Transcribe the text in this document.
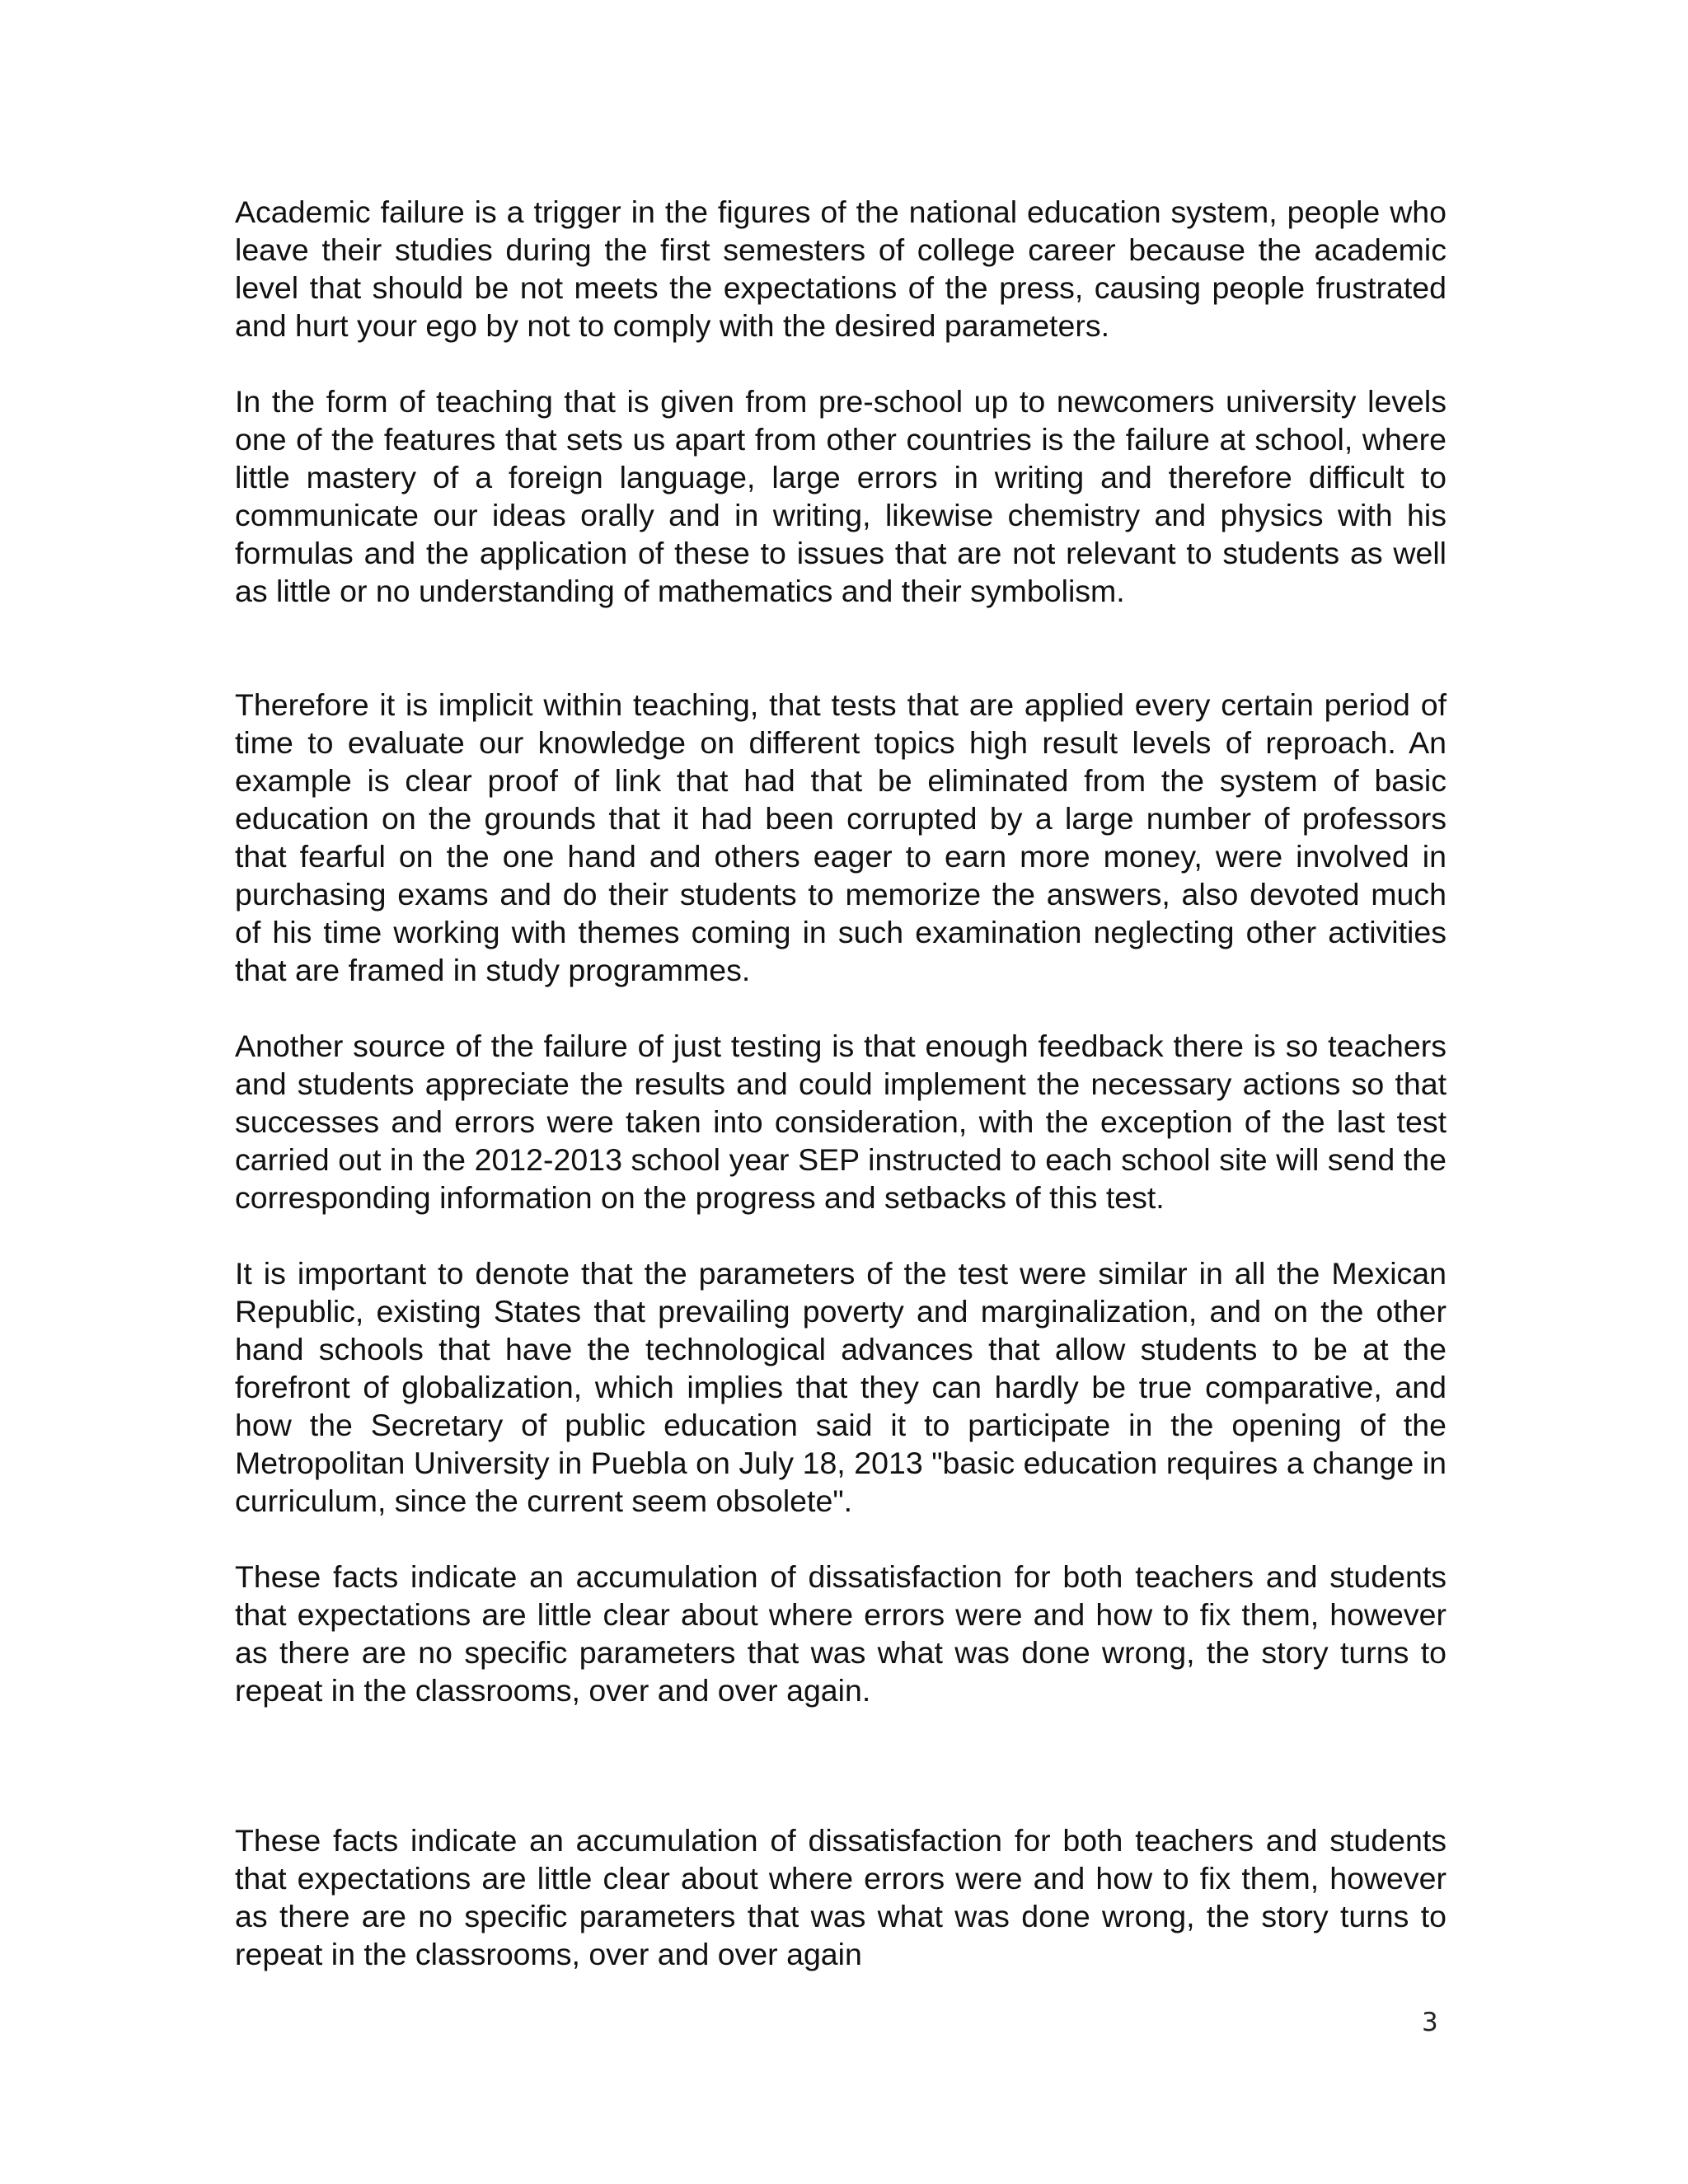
Academic failure is a trigger in the figures of the national education system, people who leave their studies during the first semesters of college career because the academic level that should be not meets the expectations of the press, causing people frustrated and hurt your ego by not to comply with the desired parameters.

In the form of teaching that is given from pre-school up to newcomers university levels one of the features that sets us apart from other countries is the failure at school, where little mastery of a foreign language, large errors in writing and therefore difficult to communicate our ideas orally and in writing, likewise chemistry and physics with his formulas and the application of these to issues that are not relevant to students as well as little or no understanding of mathematics and their symbolism.

Therefore it is implicit within teaching, that tests that are applied every certain period of time to evaluate our knowledge on different topics high result levels of reproach. An example is clear proof of link that had that be eliminated from the system of basic education on the grounds that it had been corrupted by a large number of professors that fearful on the one hand and others eager to earn more money, were involved in purchasing exams and do their students to memorize the answers, also devoted much of his time working with themes coming in such examination neglecting other activities that are framed in study programmes.

Another source of the failure of just testing is that enough feedback there is so teachers and students appreciate the results and could implement the necessary actions so that successes and errors were taken into consideration, with the exception of the last test carried out in the 2012-2013 school year SEP instructed to each school site will send the corresponding information on the progress and setbacks of this test.

It is important to denote that the parameters of the test were similar in all the Mexican Republic, existing States that prevailing poverty and marginalization, and on the other hand schools that have the technological advances that allow students to be at the forefront of globalization, which implies that they can hardly be true comparative, and how the Secretary of public education said it to participate in the opening of the Metropolitan University in Puebla on July 18, 2013 "basic education requires a change in curriculum, since the current seem obsolete".

These facts indicate an accumulation of dissatisfaction for both teachers and students that expectations are little clear about where errors were and how to fix them, however as there are no specific parameters that was what was done wrong, the story turns to repeat in the classrooms, over and over again.

These facts indicate an accumulation of dissatisfaction for both teachers and students that expectations are little clear about where errors were and how to fix them, however as there are no specific parameters that was what was done wrong, the story turns to repeat in the classrooms, over and over again

3
